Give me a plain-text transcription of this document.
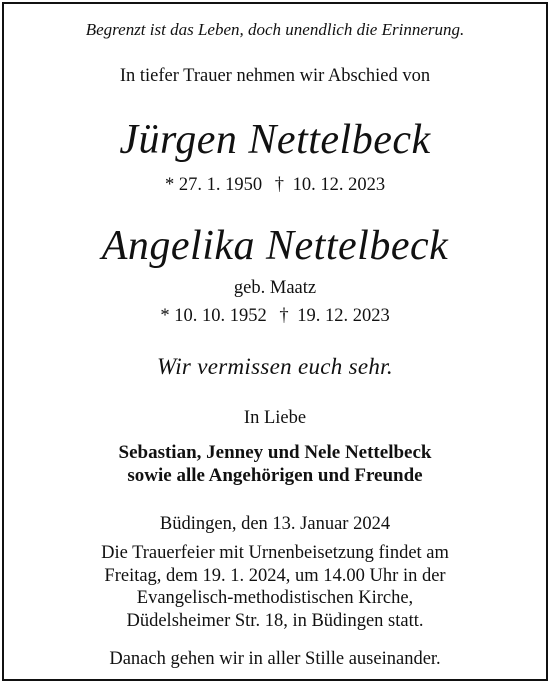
Begrenzt ist das Leben, doch unendlich die Erinnerung.
In tiefer Trauer nehmen wir Abschied von
Jürgen Nettelbeck
* 27. 1. 1950 † 10. 12. 2023
Angelika Nettelbeck
geb. Maatz
* 10. 10. 1952 † 19. 12. 2023
Wir vermissen euch sehr.
In Liebe
Sebastian, Jenney und Nele Nettelbeck
sowie alle Angehörigen und Freunde
Büdingen, den 13. Januar 2024
Die Trauerfeier mit Urnenbeisetzung findet am
Freitag, dem 19. 1. 2024, um 14.00 Uhr in der
Evangelisch-methodistischen Kirche,
Düdelsheimer Str. 18, in Büdingen statt.
Danach gehen wir in aller Stille auseinander.
